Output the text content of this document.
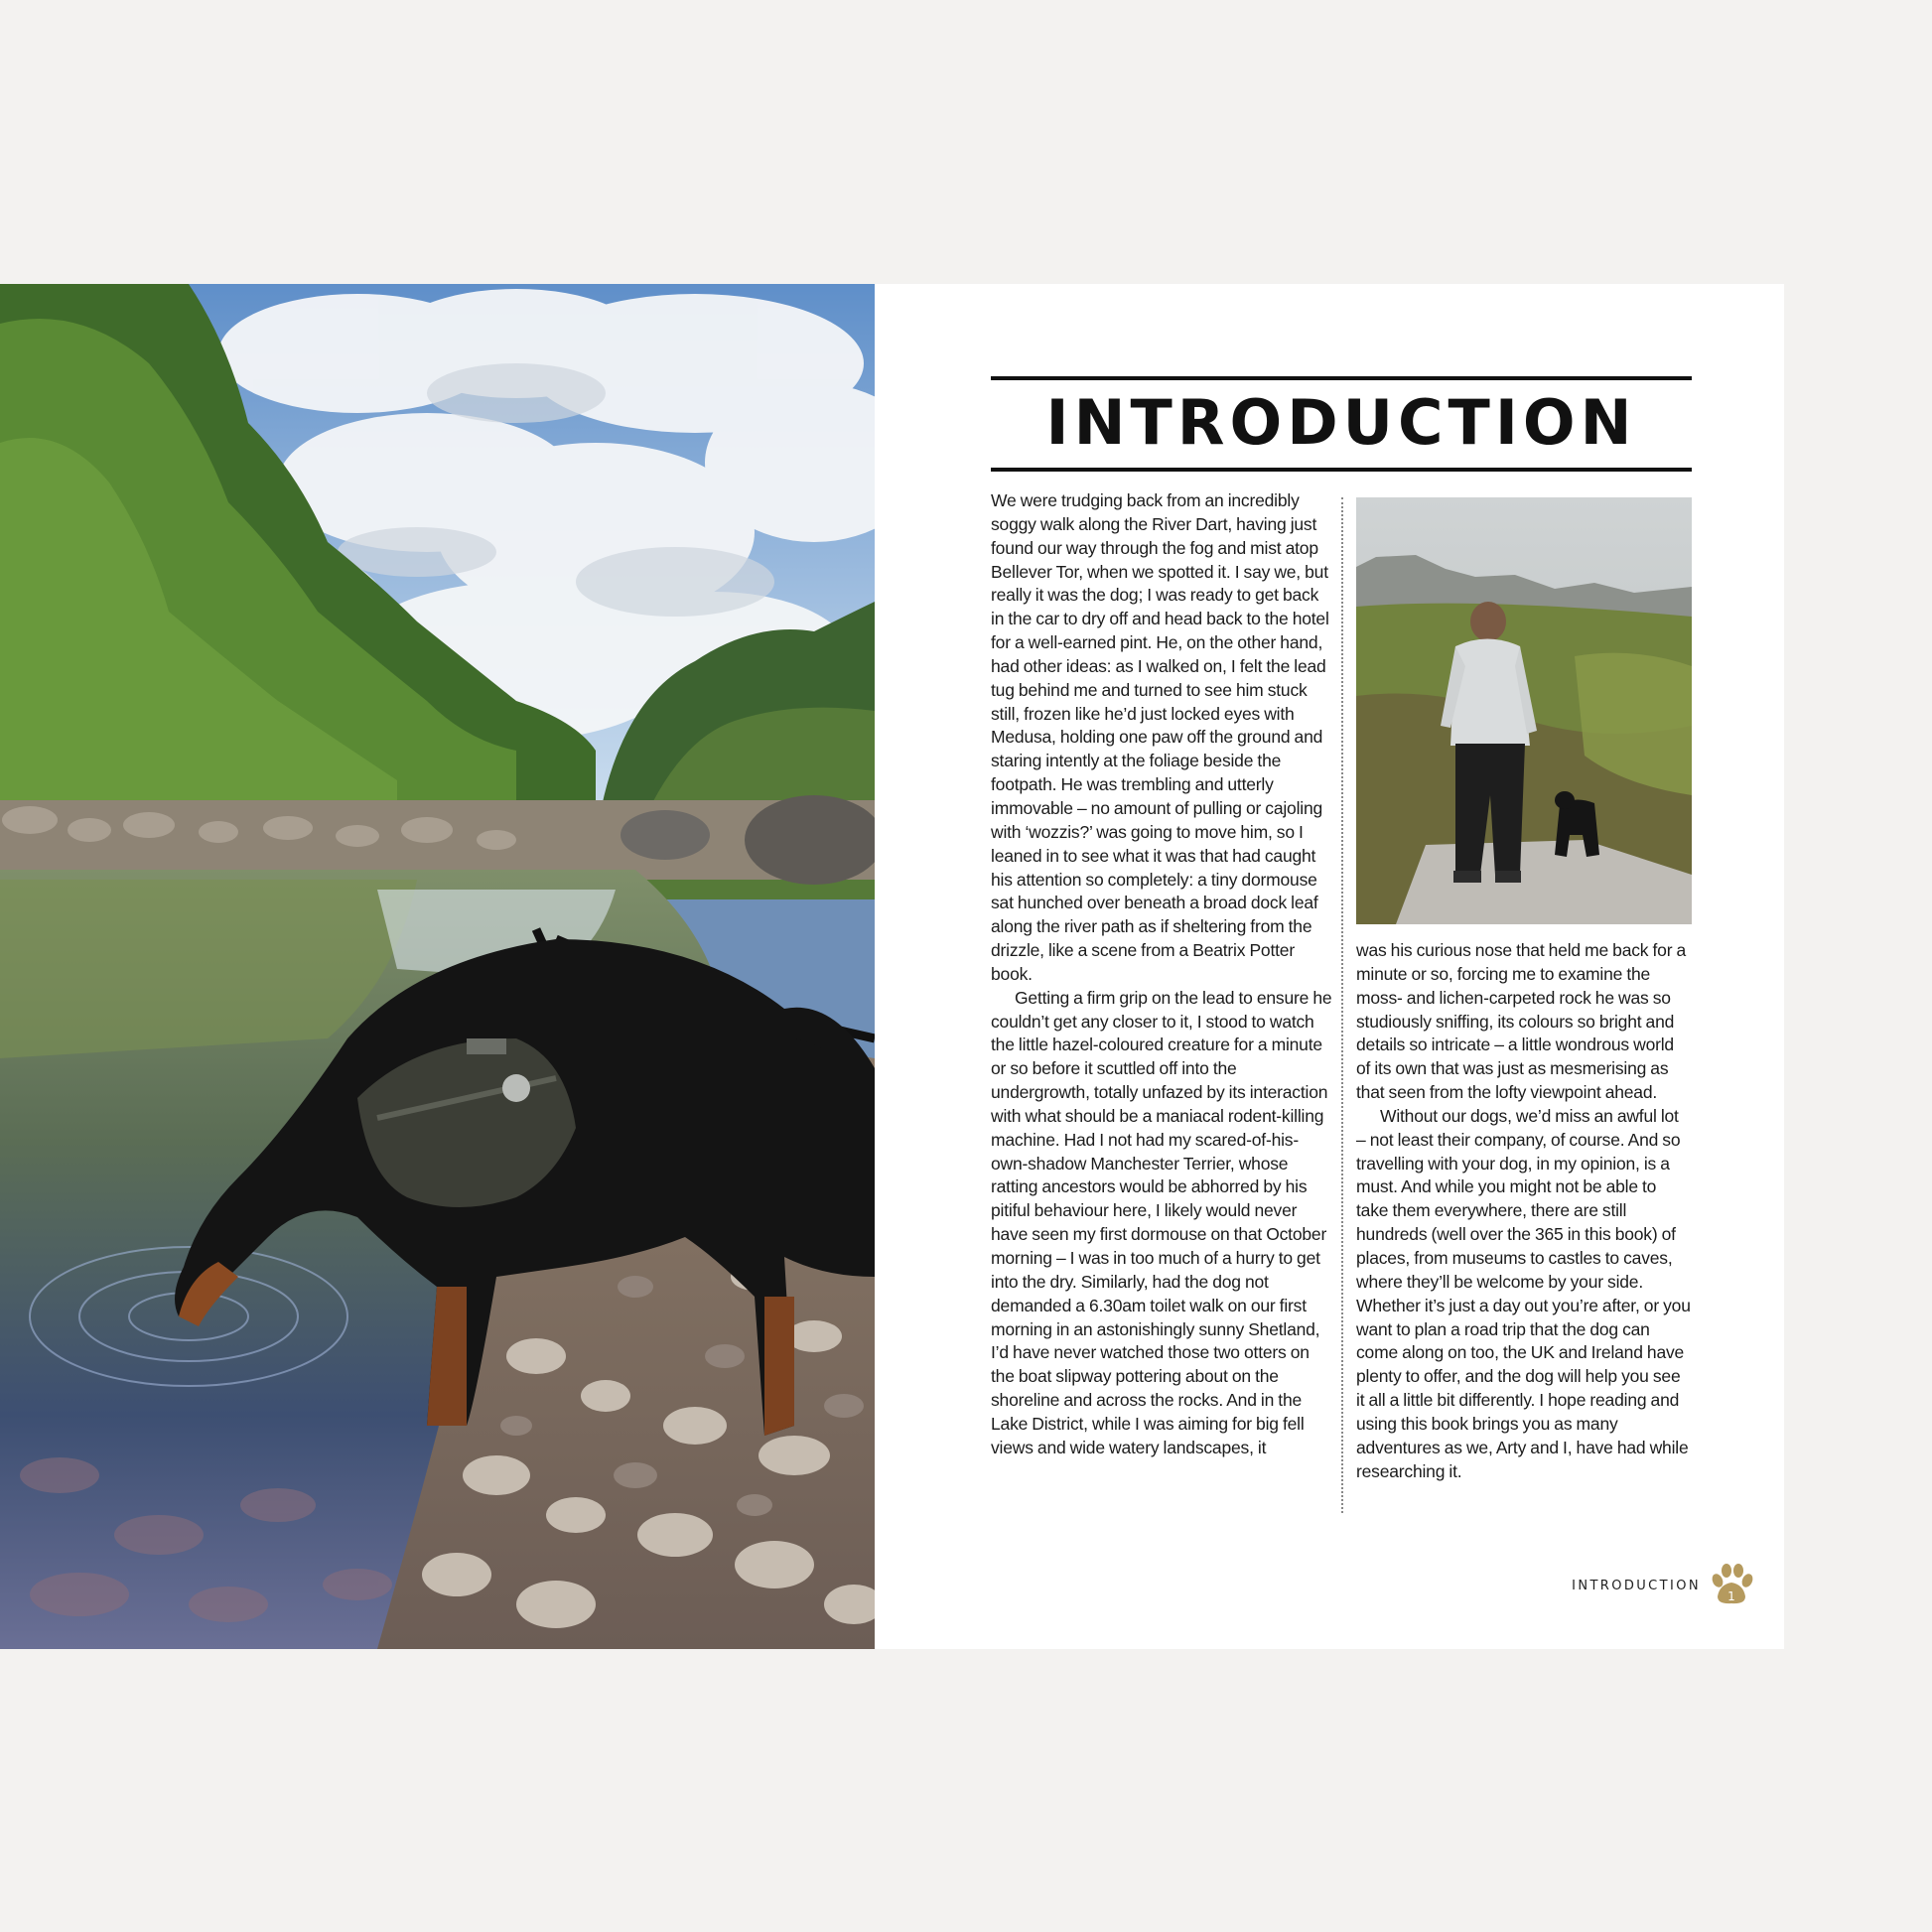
INTRODUCTION

We were trudging back from an incredibly soggy walk along the River Dart, having just found our way through the fog and mist atop Bellever Tor, when we spotted it. I say we, but really it was the dog; I was ready to get back in the car to dry off and head back to the hotel for a well-earned pint. He, on the other hand, had other ideas: as I walked on, I felt the lead tug behind me and turned to see him stuck still, frozen like he’d just locked eyes with Medusa, holding one paw off the ground and staring intently at the foliage beside the footpath. He was trembling and utterly immovable – no amount of pulling or cajoling with ‘wozzis?’ was going to move him, so I leaned in to see what it was that had caught his attention so completely: a tiny dormouse sat hunched over beneath a broad dock leaf along the river path as if sheltering from the drizzle, like a scene from a Beatrix Potter book.

Getting a firm grip on the lead to ensure he couldn’t get any closer to it, I stood to watch the little hazel-coloured creature for a minute or so before it scuttled off into the undergrowth, totally unfazed by its interaction with what should be a maniacal rodent-killing machine. Had I not had my scared-of-his-own-shadow Manchester Terrier, whose ratting ancestors would be abhorred by his pitiful behaviour here, I likely would never have seen my first dormouse on that October morning – I was in too much of a hurry to get into the dry. Similarly, had the dog not demanded a 6.30am toilet walk on our first morning in an astonishingly sunny Shetland, I’d have never watched those two otters on the boat slipway pottering about on the shoreline and across the rocks. And in the Lake District, while I was aiming for big fell views and wide watery landscapes, it

was his curious nose that held me back for a minute or so, forcing me to examine the moss- and lichen-carpeted rock he was so studiously sniffing, its colours so bright and details so intricate – a little wondrous world of its own that was just as mesmerising as that seen from the lofty viewpoint ahead.

Without our dogs, we’d miss an awful lot – not least their company, of course. And so travelling with your dog, in my opinion, is a must. And while you might not be able to take them everywhere, there are still hundreds (well over the 365 in this book) of places, from museums to castles to caves, where they’ll be welcome by your side. Whether it’s just a day out you’re after, or you want to plan a road trip that the dog can come along on too, the UK and Ireland have plenty to offer, and the dog will help you see it all a little bit differently. I hope reading and using this book brings you as many adventures as we, Arty and I, have had while researching it.

INTRODUCTION
1
